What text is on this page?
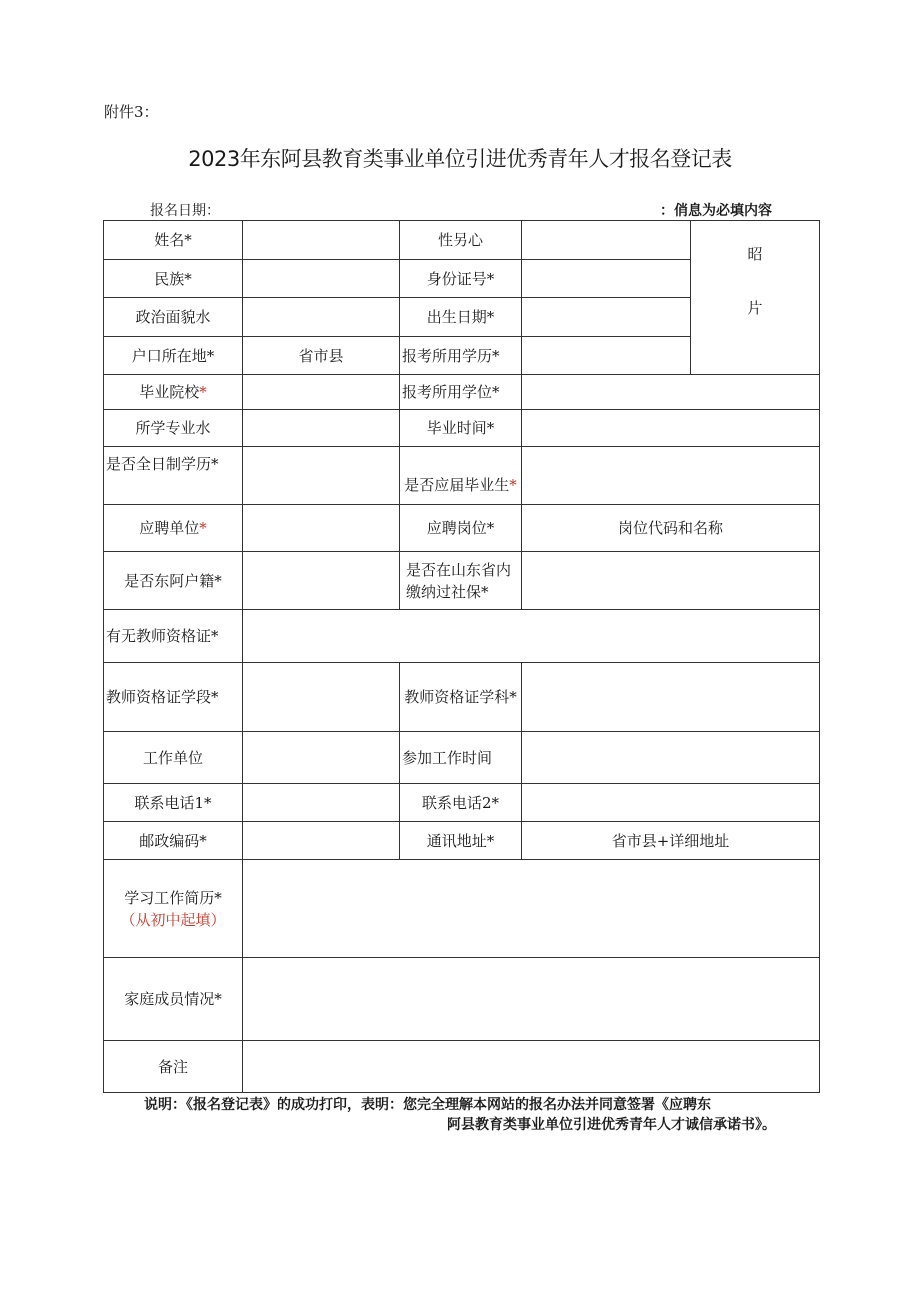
附件3：
2023年东阿县教育类事业单位引进优秀青年人才报名登记表
报名日期：	：俏息为必填内容
姓名*		性另心		昭
片

民族*		身份证号*		
政治面貌水		出生日期*		
户口所在地*	省市县	报考所用学历*		
毕业院校*		报考所用学位*		
所学专业水		毕业时间*		
是否全日制学历*		是否应届毕业生*		
应聘单位*		应聘岗位*	岗位代码和名称	
是否东阿户籍*		是否在山东省内缴纳过社保*		
有无教师资格证*				
教师资格证学段*		教师资格证学科*		
工作单位		参加工作时间		
联系电话1*		联系电话2*		
邮政编码*		通讯地址*	省市县+详细地址	

学习工作简历*
（从初中起填）				

家庭成员情况*				
备注				
说明：《报名登记表》的成功打印，表明：您完全理解本网站的报名办法并同意签署《应聘东
阿县教育类事业单位引进优秀青年人才诚信承诺书》。
